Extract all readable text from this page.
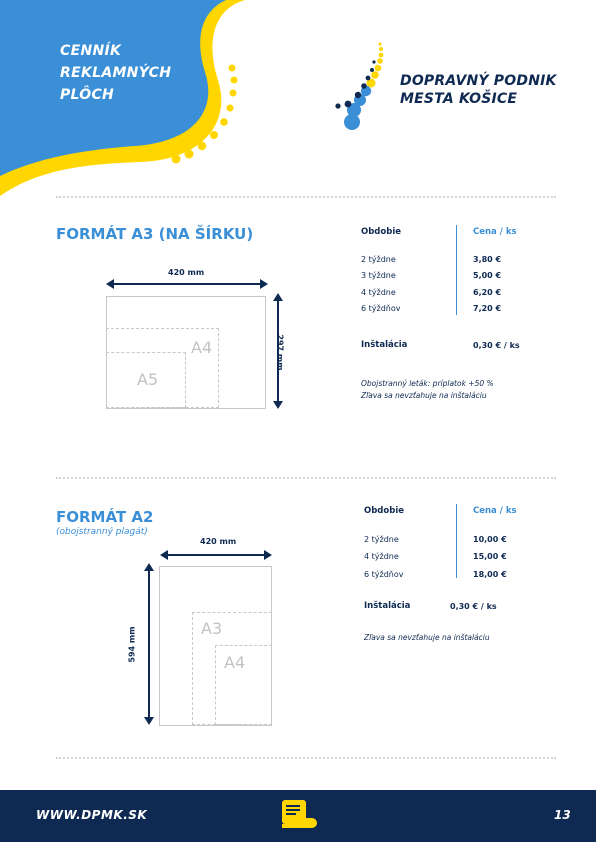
CENNÍK
REKLAMNÝCH
PLÔCH
DOPRAVNÝ PODNIK
MESTA KOŠICE
FORMÁT A3 (NA ŠÍRKU)
420 mm
297 mm
A4
A5
Obdobie	Cena / ks
2 týždne	3,80 €
3 týždne	5,00 €
4 týždne	6,20 €
6 týždňov	7,20 €
Inštalácia	0,30 € / ks
Obojstranný leták: príplatok +50 %
Zľava sa nevzťahuje na inštaláciu
FORMÁT A2
(obojstranný plagát)
420 mm
594 mm	A3
A4
Obdobie	Cena / ks
2 týždne	10,00 €
4 týždne	15,00 €
6 týždňov	18,00 €
Inštalácia	0,30 € / ks
Zľava sa nevzťahuje na inštaláciu
WWW.DPMK.SK	13
